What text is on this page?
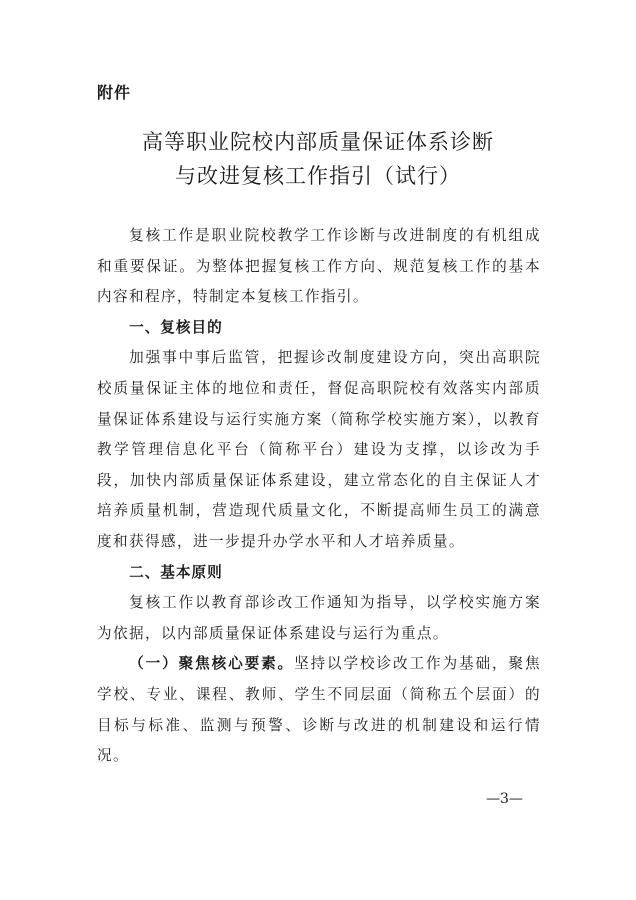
附件
高等职业院校内部质量保证体系诊断
与改进复核工作指引（试行）

复核工作是职业院校教学工作诊断与改进制度的有机组成和重要保证。为整体把握复核工作方向、规范复核工作的基本内容和程序，特制定本复核工作指引。

一、复核目的

加强事中事后监管，把握诊改制度建设方向，突出高职院校质量保证主体的地位和责任，督促高职院校有效落实内部质量保证体系建设与运行实施方案（简称学校实施方案），以教育教学管理信息化平台（简称平台）建设为支撑，以诊改为手段，加快内部质量保证体系建设，建立常态化的自主保证人才培养质量机制，营造现代质量文化，不断提高师生员工的满意度和获得感，进一步提升办学水平和人才培养质量。

二、基本原则

复核工作以教育部诊改工作通知为指导，以学校实施方案为依据，以内部质量保证体系建设与运行为重点。

（一）聚焦核心要素。坚持以学校诊改工作为基础，聚焦学校、专业、课程、教师、学生不同层面（简称五个层面）的目标与标准、监测与预警、诊断与改进的机制建设和运行情况。

—3—
